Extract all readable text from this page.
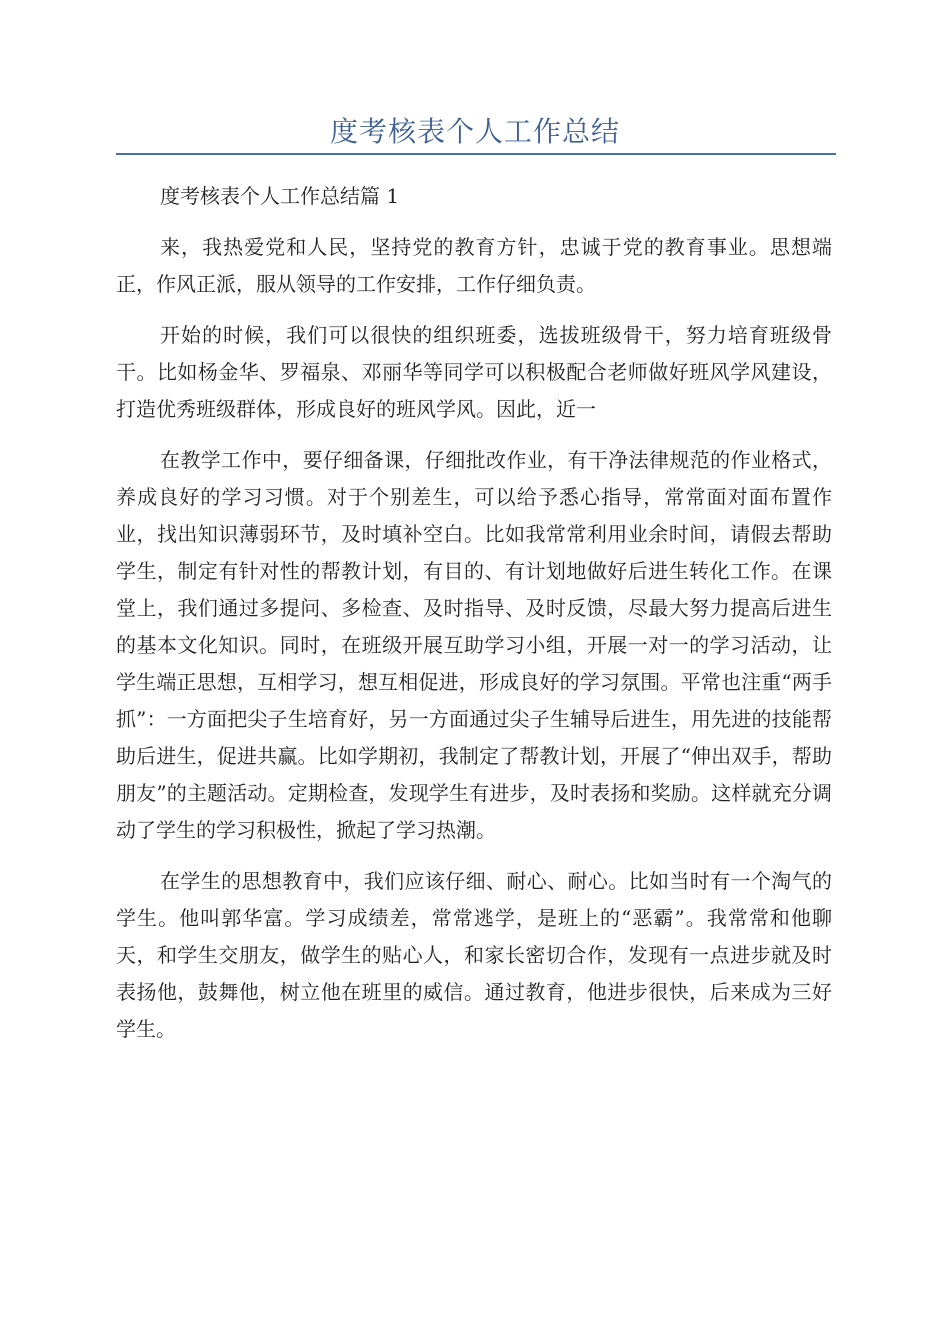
度考核表个人工作总结

度考核表个人工作总结篇 1

来，我热爱党和人民，坚持党的教育方针，忠诚于党的教育事业。思想端正，作风正派，服从领导的工作安排，工作仔细负责。

开始的时候，我们可以很快的组织班委，选拔班级骨干，努力培育班级骨干。比如杨金华、罗福泉、邓丽华等同学可以积极配合老师做好班风学风建设，打造优秀班级群体，形成良好的班风学风。因此，近一

在教学工作中，要仔细备课，仔细批改作业，有干净法律规范的作业格式，养成良好的学习习惯。对于个别差生，可以给予悉心指导，常常面对面布置作业，找出知识薄弱环节，及时填补空白。比如我常常利用业余时间，请假去帮助学生，制定有针对性的帮教计划，有目的、有计划地做好后进生转化工作。在课堂上，我们通过多提问、多检查、及时指导、及时反馈，尽最大努力提高后进生的基本文化知识。同时，在班级开展互助学习小组，开展一对一的学习活动，让学生端正思想，互相学习，想互相促进，形成良好的学习氛围。平常也注重“两手抓”：一方面把尖子生培育好，另一方面通过尖子生辅导后进生，用先进的技能帮助后进生，促进共赢。比如学期初，我制定了帮教计划，开展了“伸出双手，帮助朋友”的主题活动。定期检查，发现学生有进步，及时表扬和奖励。这样就充分调动了学生的学习积极性，掀起了学习热潮。

在学生的思想教育中，我们应该仔细、耐心、耐心。比如当时有一个淘气的学生。他叫郭华富。学习成绩差，常常逃学，是班上的“恶霸”。我常常和他聊天，和学生交朋友，做学生的贴心人，和家长密切合作，发现有一点进步就及时表扬他，鼓舞他，树立他在班里的威信。通过教育，他进步很快，后来成为三好学生。
